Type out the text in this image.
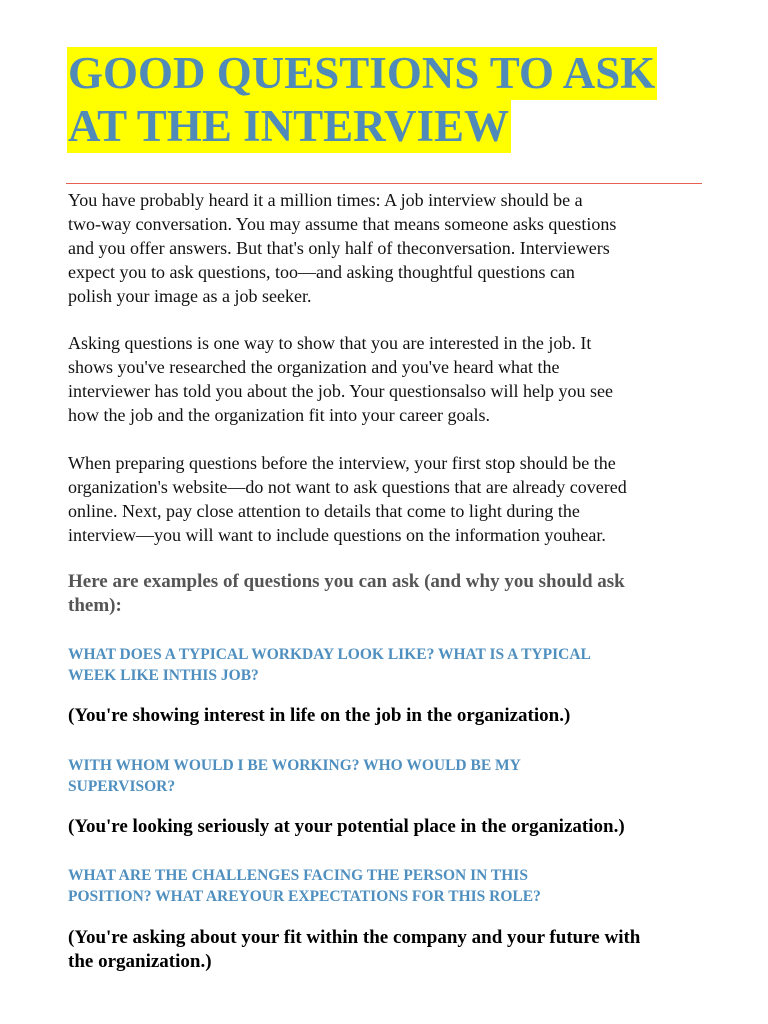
GOOD QUESTIONS TO ASK
AT THE INTERVIEW
You have probably heard it a million times: A job interview should be a
two-way conversation. You may assume that means someone asks questions
and you offer answers. But that's only half of theconversation. Interviewers
expect you to ask questions, too—and asking thoughtful questions can
polish your image as a job seeker.
Asking questions is one way to show that you are interested in the job. It
shows you've researched the organization and you've heard what the
interviewer has told you about the job. Your questionsalso will help you see
how the job and the organization fit into your career goals.
When preparing questions before the interview, your first stop should be the
organization's website—do not want to ask questions that are already covered
online. Next, pay close attention to details that come to light during the
interview—you will want to include questions on the information youhear.
Here are examples of questions you can ask (and why you should ask
them):
WHAT DOES A TYPICAL WORKDAY LOOK LIKE? WHAT IS A TYPICAL
WEEK LIKE INTHIS JOB?
(You're showing interest in life on the job in the organization.)
WITH WHOM WOULD I BE WORKING? WHO WOULD BE MY
SUPERVISOR?
(You're looking seriously at your potential place in the organization.)
WHAT ARE THE CHALLENGES FACING THE PERSON IN THIS
POSITION? WHAT AREYOUR EXPECTATIONS FOR THIS ROLE?
(You're asking about your fit within the company and your future with
the organization.)
